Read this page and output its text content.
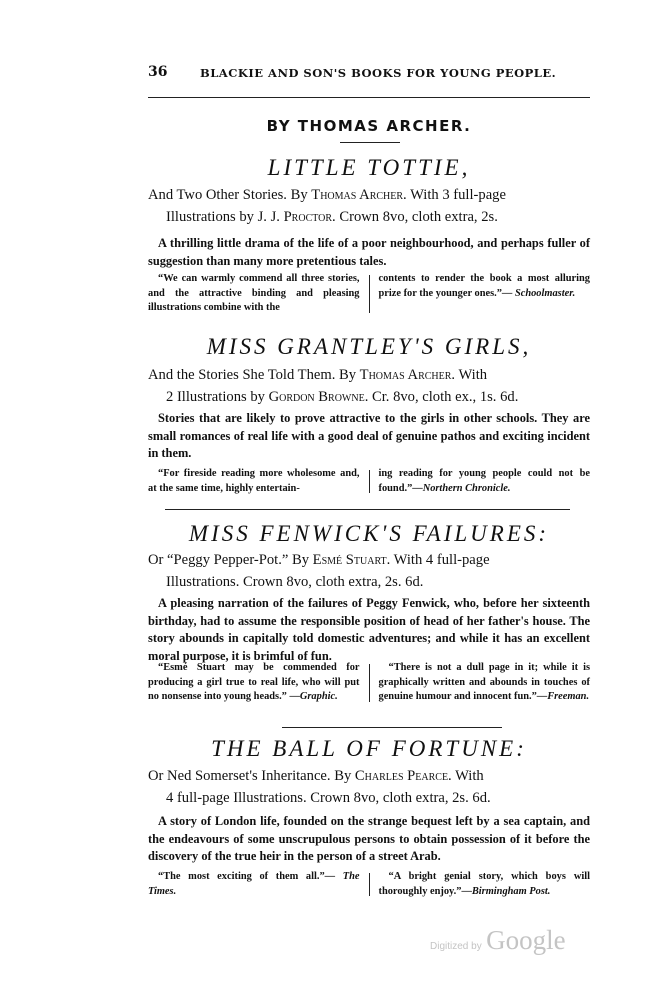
36	BLACKIE AND SON'S BOOKS FOR YOUNG PEOPLE.
BY THOMAS ARCHER.
LITTLE TOTTIE,
And Two Other Stories. By Thomas Archer. With 3 full-page
Illustrations by J. J. Proctor. Crown 8vo, cloth extra, 2s.
A thrilling little drama of the life of a poor neighbourhood, and perhaps fuller of suggestion than many more pretentious tales.
“We can warmly commend all three stories, and the attractive binding and pleasing illustrations combine with the
contents to render the book a most alluring prize for the younger ones.”— Schoolmaster.
MISS GRANTLEY'S GIRLS,
And the Stories She Told Them. By Thomas Archer. With
2 Illustrations by Gordon Browne. Cr. 8vo, cloth ex., 1s. 6d.
Stories that are likely to prove attractive to the girls in other schools. They are small romances of real life with a good deal of genuine pathos and exciting incident in them.
“For fireside reading more wholesome and, at the same time, highly entertain-
ing reading for young people could not be found.”—Northern Chronicle.
MISS FENWICK'S FAILURES:
Or “Peggy Pepper-Pot.” By Esmé Stuart. With 4 full-page
Illustrations. Crown 8vo, cloth extra, 2s. 6d.
A pleasing narration of the failures of Peggy Fenwick, who, before her sixteenth birthday, had to assume the responsible position of head of her father's house. The story abounds in capitally told domestic adventures; and while it has an excellent moral purpose, it is brimful of fun.
“Esmé Stuart may be commended for producing a girl true to real life, who will put no nonsense into young heads.” —Graphic.
“There is not a dull page in it; while it is graphically written and abounds in touches of genuine humour and innocent fun.”—Freeman.
THE BALL OF FORTUNE:
Or Ned Somerset's Inheritance. By Charles Pearce. With
4 full-page Illustrations. Crown 8vo, cloth extra, 2s. 6d.
A story of London life, founded on the strange bequest left by a sea captain, and the endeavours of some unscrupulous persons to obtain possession of it before the discovery of the true heir in the person of a street Arab.
“The most exciting of them all.”— The Times.
“A bright genial story, which boys will thoroughly enjoy.”—Birmingham Post.
Digitized by Google
